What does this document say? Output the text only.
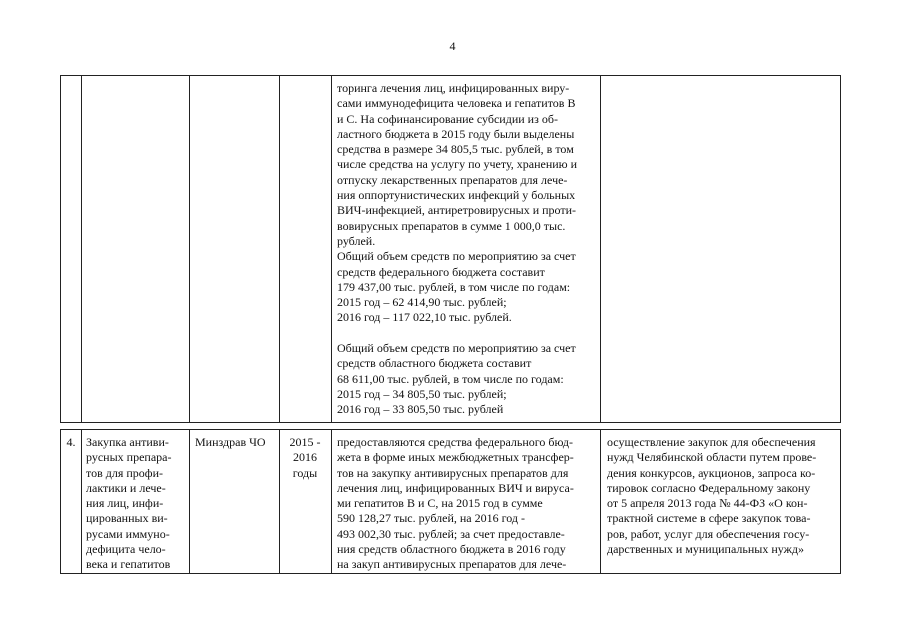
4

торинга лечения лиц, инфицированных виру-

сами иммунодефицита человека и гепатитов В

и С. На софинансирование субсидии из об-

ластного бюджета в 2015 году были выделены

средства в размере 34 805,5 тыс. рублей, в том

числе средства на услугу по учету, хранению и

отпуску лекарственных препаратов для лече-

ния оппортунистических инфекций у больных

ВИЧ-инфекцией, антиретровирусных и проти-

вовирусных препаратов в сумме 1 000,0 тыс.

рублей.

Общий объем средств по мероприятию за счет

средств федерального бюджета составит

179 437,00 тыс. рублей, в том числе по годам:

2015 год – 62 414,90 тыс. рублей;

2016 год – 117 022,10 тыс. рублей.

Общий объем средств по мероприятию за счет

средств областного бюджета составит

68 611,00 тыс. рублей, в том числе по годам:

2015 год – 34 805,50 тыс. рублей;

2016 год – 33 805,50 тыс. рублей

4. Закупка антиви-

русных препара-

тов для профи-

лактики и лече-

ния лиц, инфи-

цированных ви-

русами иммуно-

дефицита чело-

века и гепатитов

Минздрав ЧО	2015 -

2016

годы

предоставляются средства федерального бюд-

жета в форме иных межбюджетных трансфер-

тов на закупку антивирусных препаратов для

лечения лиц, инфицированных ВИЧ и вируса-

ми гепатитов В и С, на 2015 год в сумме

590 128,27 тыс. рублей, на 2016 год -

493 002,30 тыс. рублей; за счет предоставле-

ния средств областного бюджета в 2016 году

на закуп антивирусных препаратов для лече-

осуществление закупок для обеспечения

нужд Челябинской области путем прове-

дения конкурсов, аукционов, запроса ко-

тировок согласно Федеральному закону

от 5 апреля 2013 года № 44-ФЗ «О кон-

трактной системе в сфере закупок това-

ров, работ, услуг для обеспечения госу-

дарственных и муниципальных нужд»
